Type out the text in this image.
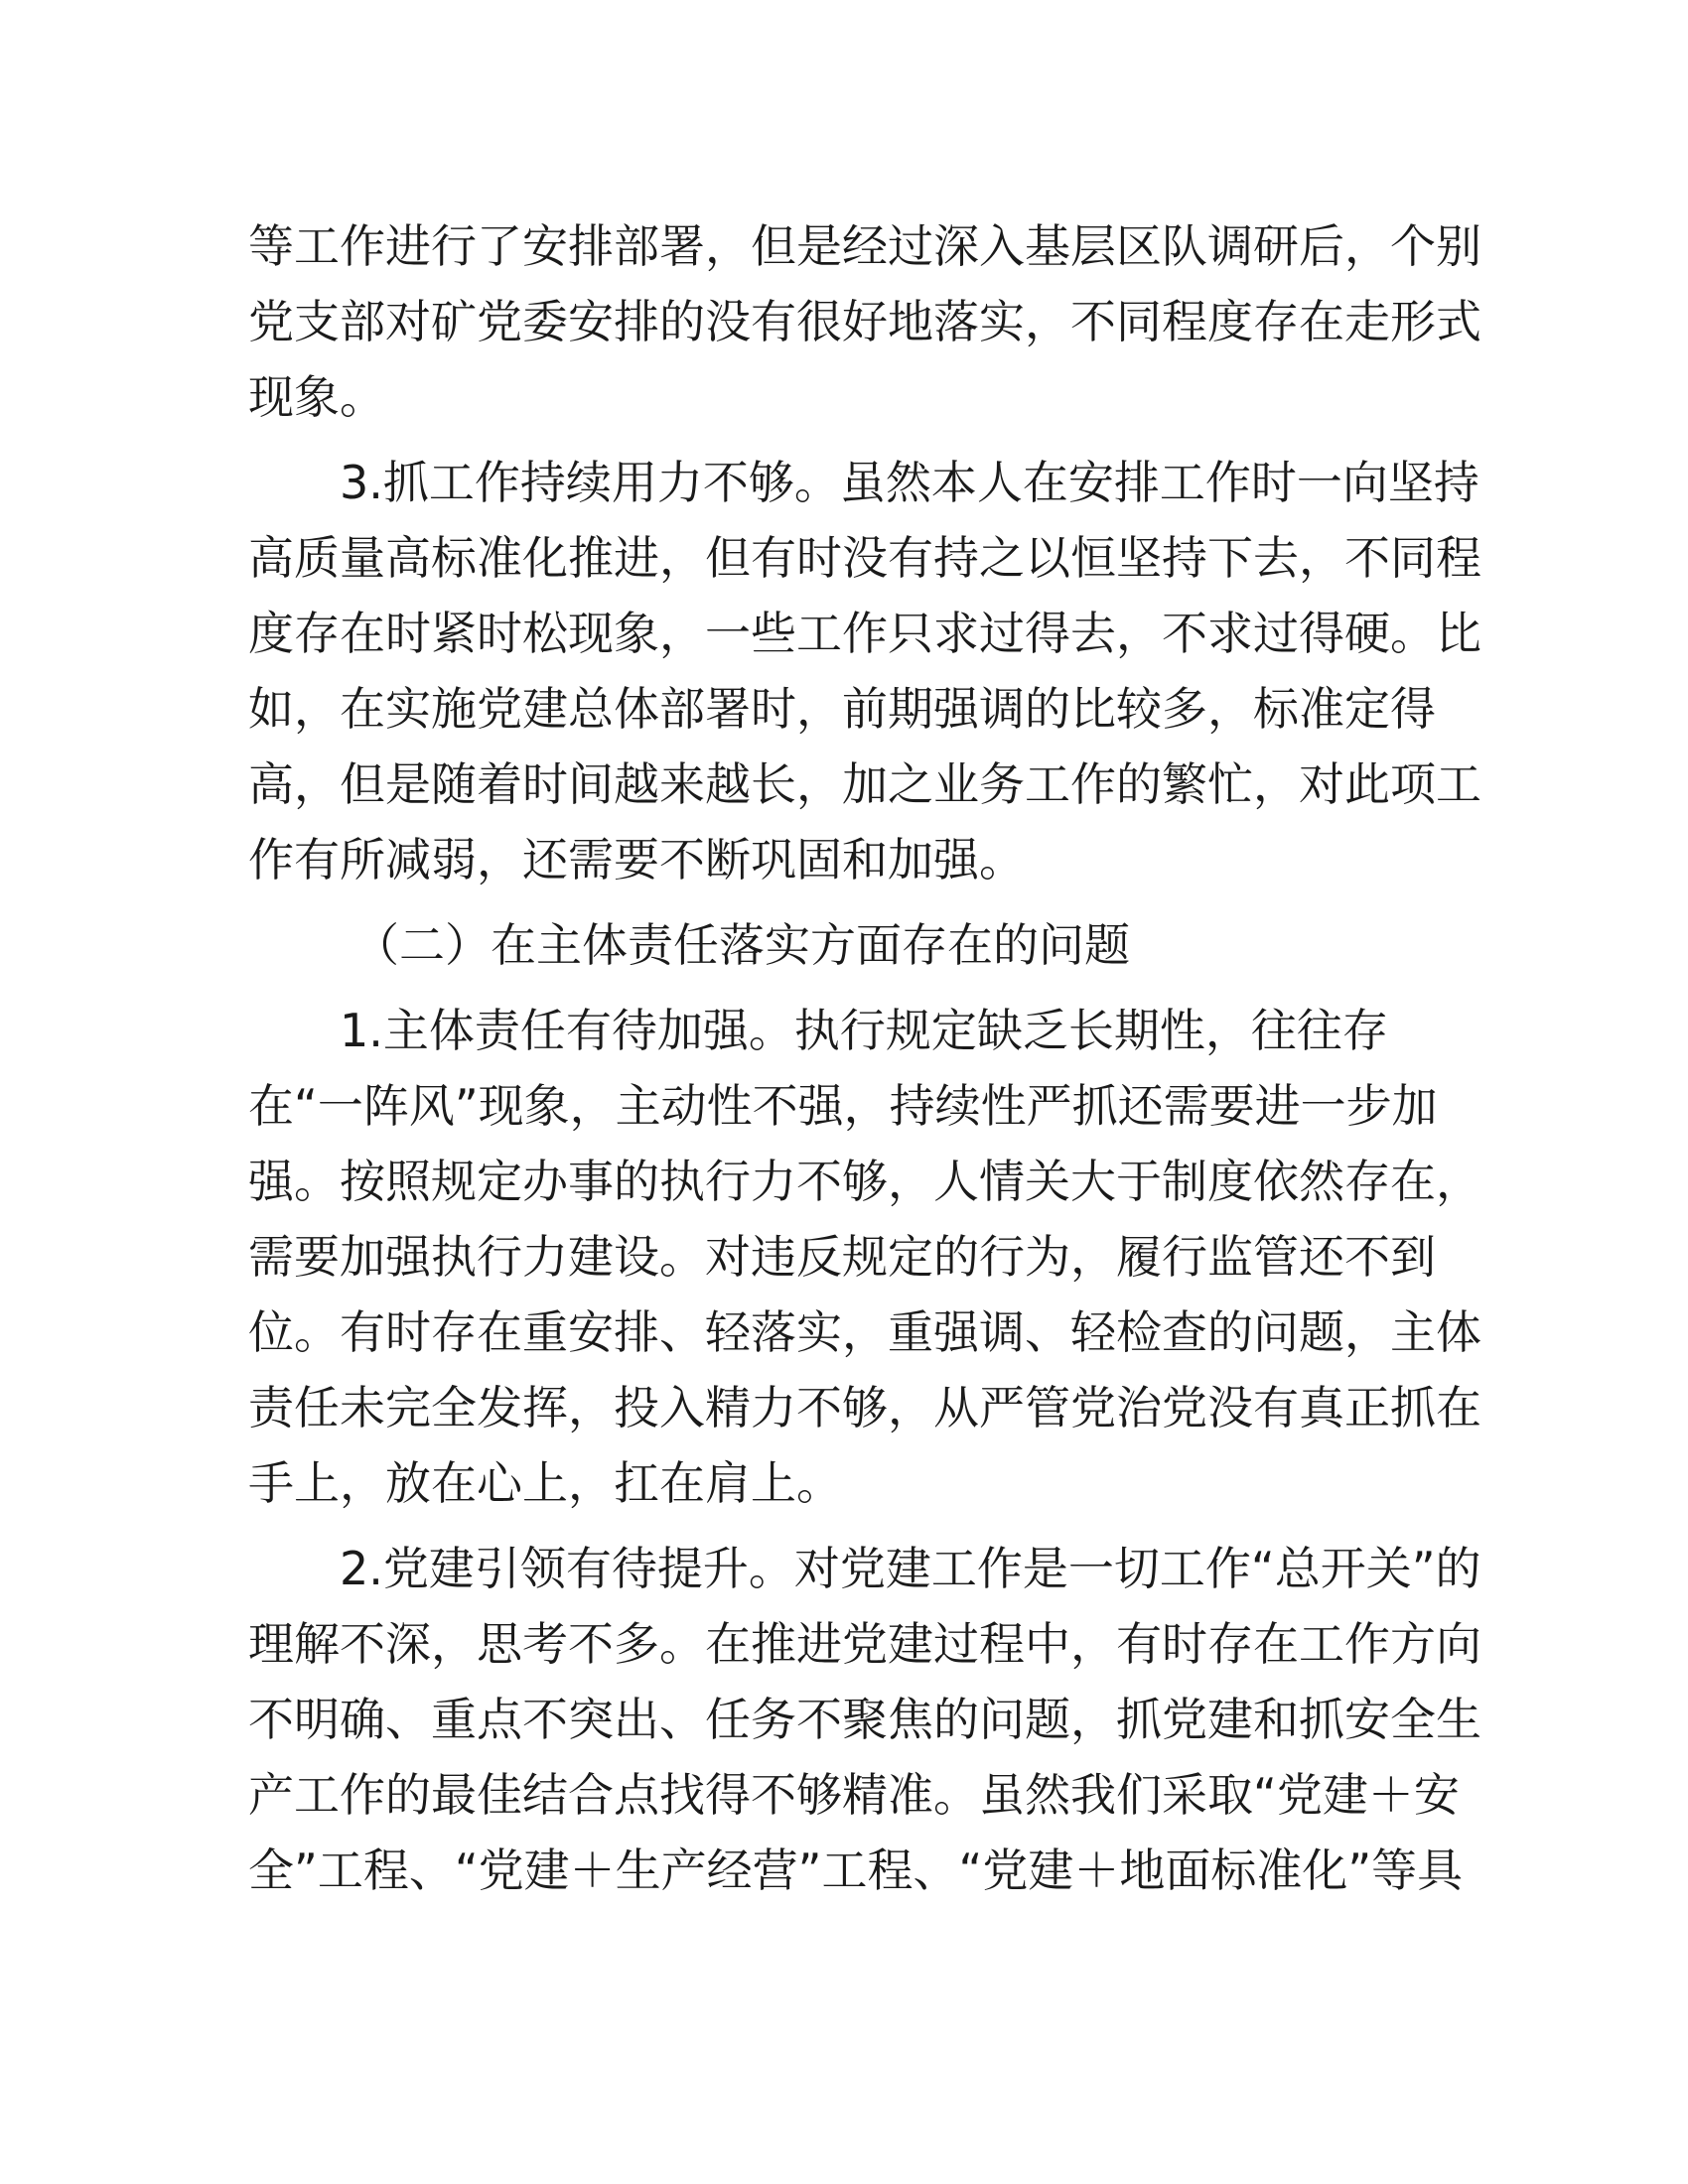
等工作进行了安排部署，但是经过深入基层区队调研后，个别
党支部对矿党委安排的没有很好地落实，不同程度存在走形式
现象。
3.抓工作持续用力不够。虽然本人在安排工作时一向坚持
高质量高标准化推进，但有时没有持之以恒坚持下去，不同程
度存在时紧时松现象，一些工作只求过得去，不求过得硬。比
如，在实施党建总体部署时，前期强调的比较多，标准定得
高，但是随着时间越来越长，加之业务工作的繁忙，对此项工
作有所减弱，还需要不断巩固和加强。
（二）在主体责任落实方面存在的问题
1.主体责任有待加强。执行规定缺乏长期性，往往存
在“一阵风”现象，主动性不强，持续性严抓还需要进一步加
强。按照规定办事的执行力不够，人情关大于制度依然存在，
需要加强执行力建设。对违反规定的行为，履行监管还不到
位。有时存在重安排、轻落实，重强调、轻检查的问题，主体
责任未完全发挥，投入精力不够，从严管党治党没有真正抓在
手上，放在心上，扛在肩上。
2.党建引领有待提升。对党建工作是一切工作“总开关”的
理解不深，思考不多。在推进党建过程中，有时存在工作方向
不明确、重点不突出、任务不聚焦的问题，抓党建和抓安全生
产工作的最佳结合点找得不够精准。虽然我们采取“党建＋安
全”工程、“党建＋生产经营”工程、“党建＋地面标准化”等具
